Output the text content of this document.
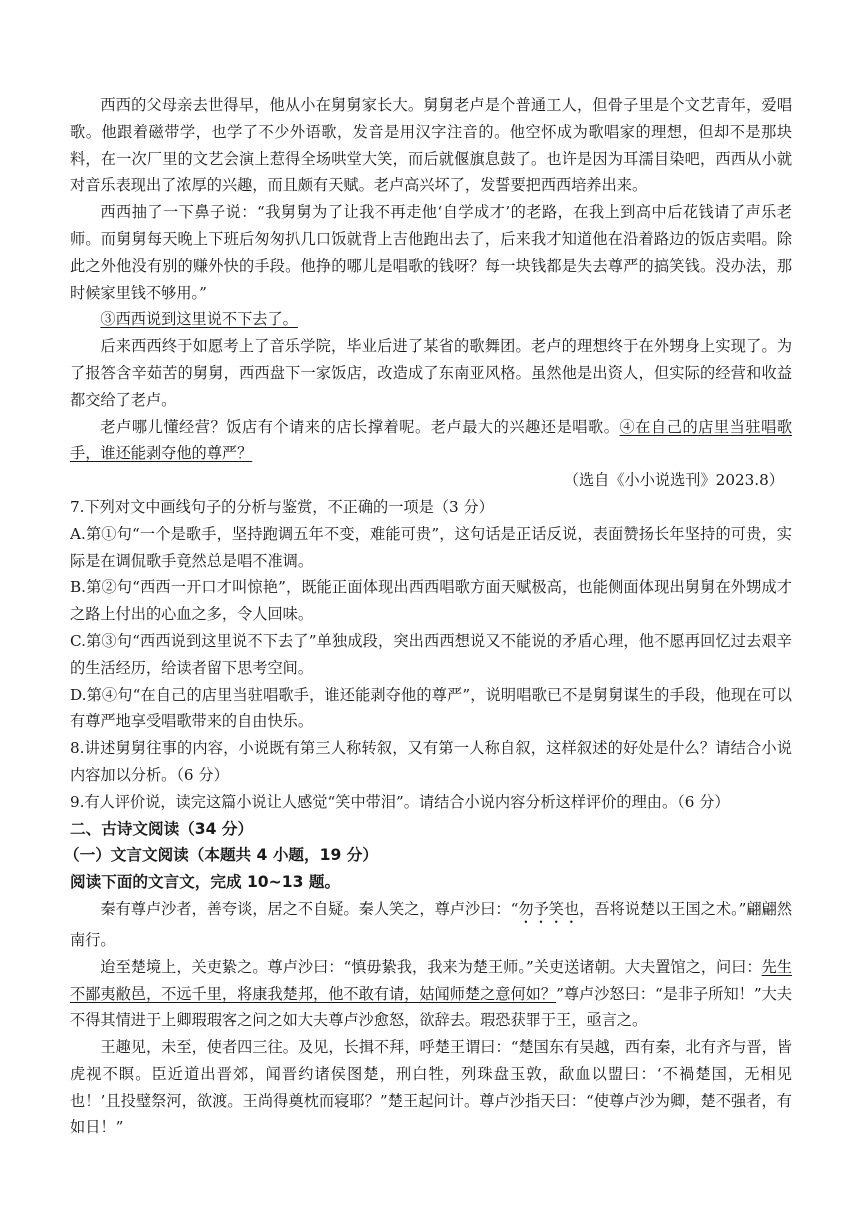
西西的父母亲去世得早，他从小在舅舅家长大。舅舅老卢是个普通工人，但骨子里是个文艺青年，爱唱歌。他跟着磁带学，也学了不少外语歌，发音是用汉字注音的。他空怀成为歌唱家的理想，但却不是那块料，在一次厂里的文艺会演上惹得全场哄堂大笑，而后就偃旗息鼓了。也许是因为耳濡目染吧，西西从小就对音乐表现出了浓厚的兴趣，而且颇有天赋。老卢高兴坏了，发誓要把西西培养出来。

西西抽了一下鼻子说：“我舅舅为了让我不再走他‘自学成才’的老路，在我上到高中后花钱请了声乐老师。而舅舅每天晚上下班后匆匆扒几口饭就背上吉他跑出去了，后来我才知道他在沿着路边的饭店卖唱。除此之外他没有别的赚外快的手段。他挣的哪儿是唱歌的钱呀？每一块钱都是失去尊严的搞笑钱。没办法，那时候家里钱不够用。”

③西西说到这里说不下去了。

后来西西终于如愿考上了音乐学院，毕业后进了某省的歌舞团。老卢的理想终于在外甥身上实现了。为了报答含辛茹苦的舅舅，西西盘下一家饭店，改造成了东南亚风格。虽然他是出资人，但实际的经营和收益都交给了老卢。

老卢哪儿懂经营？饭店有个请来的店长撑着呢。老卢最大的兴趣还是唱歌。④在自己的店里当驻唱歌手，谁还能剥夺他的尊严？

（选自《小小说选刊》2023.8）

7.下列对文中画线句子的分析与鉴赏，不正确的一项是（3 分）

A.第①句“一个是歌手，坚持跑调五年不变，难能可贵”，这句话是正话反说，表面赞扬长年坚持的可贵，实际是在调侃歌手竟然总是唱不准调。

B.第②句“西西一开口才叫惊艳”，既能正面体现出西西唱歌方面天赋极高，也能侧面体现出舅舅在外甥成才之路上付出的心血之多，令人回味。

C.第③句“西西说到这里说不下去了”单独成段，突出西西想说又不能说的矛盾心理，他不愿再回忆过去艰辛的生活经历，给读者留下思考空间。

D.第④句“在自己的店里当驻唱歌手，谁还能剥夺他的尊严”，说明唱歌已不是舅舅谋生的手段，他现在可以有尊严地享受唱歌带来的自由快乐。

8.讲述舅舅往事的内容，小说既有第三人称转叙，又有第一人称自叙，这样叙述的好处是什么？请结合小说内容加以分析。（6 分）

9.有人评价说，读完这篇小说让人感觉“笑中带泪”。请结合小说内容分析这样评价的理由。（6 分）

二、古诗文阅读（34 分）
（一）文言文阅读（本题共 4 小题，19 分）
阅读下面的文言文，完成 10~13 题。

秦有尊卢沙者，善夸谈，居之不自疑。秦人笑之，尊卢沙曰：“勿予笑也，吾将说楚以王国之术。”翩翩然南行。

迨至楚境上，关吏絷之。尊卢沙曰：“慎毋絷我，我来为楚王师。”关吏送诸朝。大夫置馆之，问曰：先生不鄙夷敝邑，不远千里，将康我楚邦，他不敢有请，姑闻师楚之意何如？”尊卢沙怒曰：“是非子所知！”大夫不得其情进于上卿瑕瑕客之问之如大夫尊卢沙愈怒，欲辞去。瑕恐获罪于王，亟言之。

王趣见，未至，使者四三往。及见，长揖不拜，呼楚王谓曰：“楚国东有吴越，西有秦，北有齐与晋，皆虎视不瞑。臣近道出晋郊，闻晋约诸侯图楚，刑白牲，列珠盘玉敦，歃血以盟曰：‘不禍楚国，无相见也！’且投璧祭河，欲渡。王尚得奠枕而寝耶？”楚王起问计。尊卢沙指天曰：“使尊卢沙为卿，楚不强者，有如日！”
